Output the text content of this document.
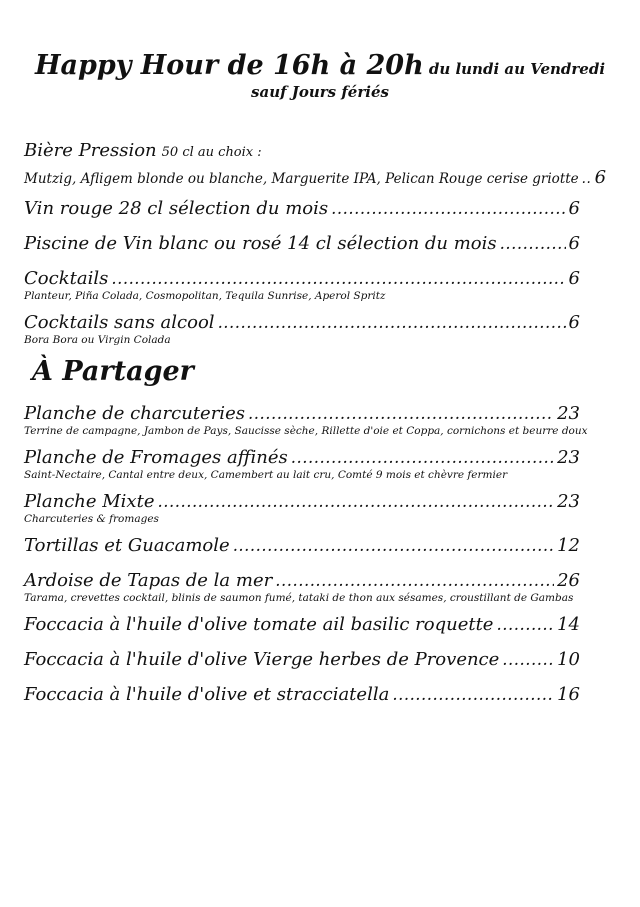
Happy Hour de 16h à 20h du lundi au Vendredi
sauf Jours fériés
Bière Pression 50 cl au choix :
Mutzig, Afligem blonde ou blanche, Marguerite IPA, Pelican Rouge cerise griotte ..... 6
Vin rouge 28 cl sélection du mois .....	6
Piscine de Vin blanc ou rosé 14 cl sélection du mois .....	6
Cocktails .....	6
Planteur, Piña Colada, Cosmopolitan, Tequila Sunrise, Aperol Spritz
Cocktails sans alcool .....	6
Bora Bora ou Virgin Colada
À Partager
Planche de charcuteries .....	23
Terrine de campagne, Jambon de Pays, Saucisse sèche, Rillette d'oie et Coppa, cornichons et beurre doux
Planche de Fromages affinés .....	23
Saint-Nectaire, Cantal entre deux, Camembert au lait cru, Comté 9 mois et chèvre fermier
Planche Mixte .....	23
Charcuteries & fromages
Tortillas et Guacamole .....	12
Ardoise de Tapas de la mer .....	26
Tarama, crevettes cocktail, blinis de saumon fumé, tataki de thon aux sésames, croustillant de Gambas
Foccacia à l'huile d'olive tomate ail basilic roquette .....	14
Foccacia à l'huile d'olive Vierge herbes de Provence .....	10
Foccacia à l'huile d'olive et stracciatella .....	16
